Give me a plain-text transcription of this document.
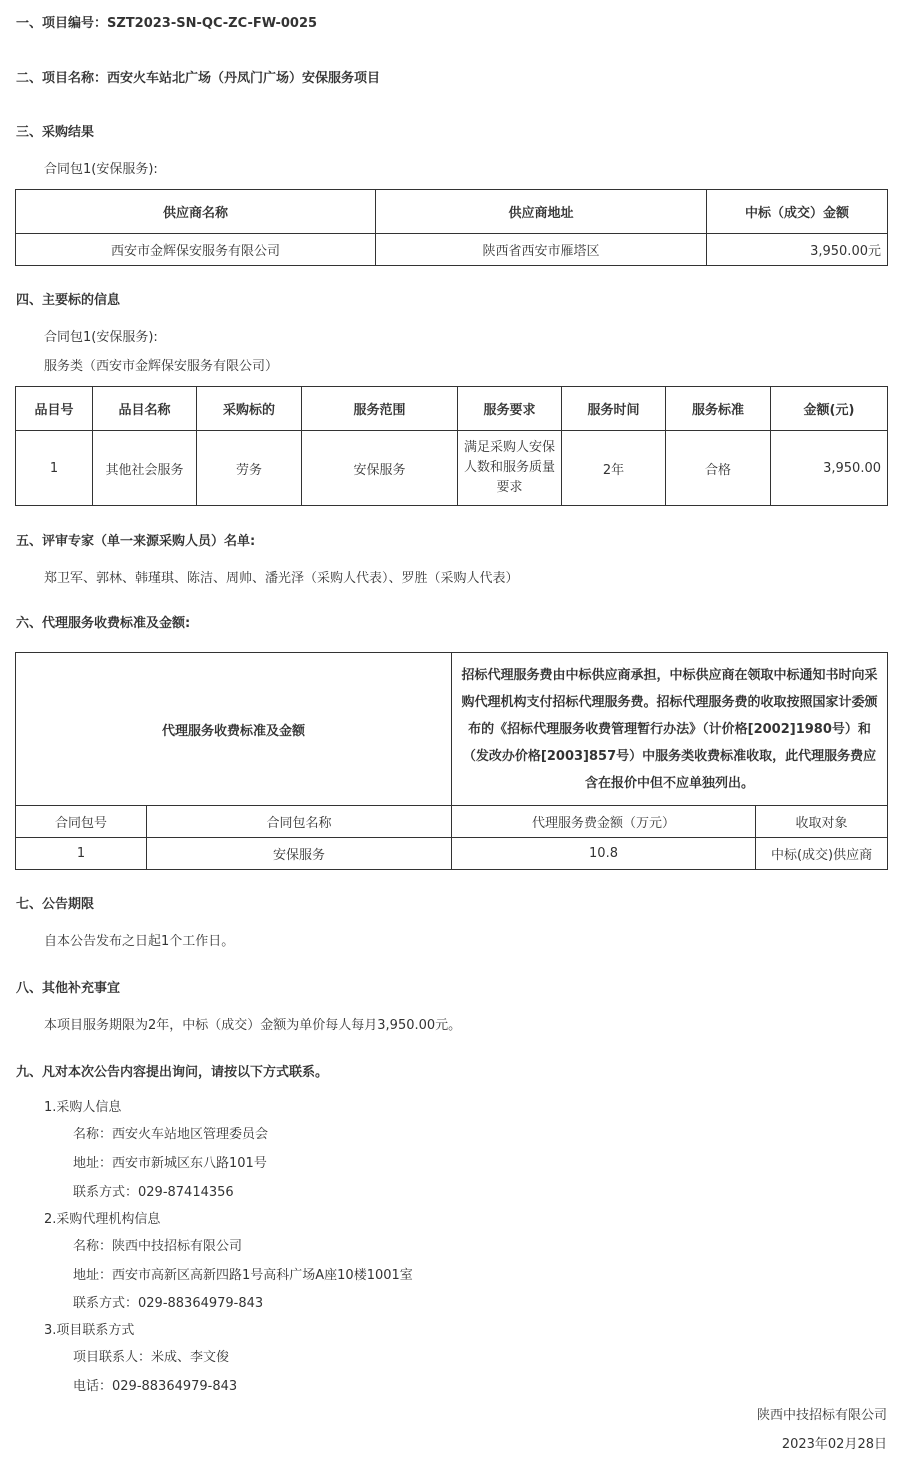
一、项目编号：SZT2023-SN-QC-ZC-FW-0025
二、项目名称：西安火车站北广场（丹凤门广场）安保服务项目
三、采购结果
合同包1(安保服务):
供应商名称	供应商地址	中标（成交）金额
西安市金辉保安服务有限公司	陕西省西安市雁塔区	3,950.00元
四、主要标的信息
合同包1(安保服务):
服务类（西安市金辉保安服务有限公司）
品目号	品目名称	采购标的	服务范围	服务要求	服务时间	服务标准	金额(元)
1	其他社会服务	劳务	安保服务	满足采购人安保人数和服务质量要求	2年	合格	3,950.00
五、评审专家（单一来源采购人员）名单:
郑卫军、郭林、韩瑾琪、陈洁、周帅、潘光泽（采购人代表）、罗胜（采购人代表）
六、代理服务收费标准及金额:
代理服务收费标准及金额		招标代理服务费由中标供应商承担，中标供应商在领取中标通知书时向采购代理机构支付招标代理服务费。招标代理服务费的收取按照国家计委颁布的《招标代理服务收费管理暂行办法》（计价格[2002]1980号）和（发改办价格[2003]857号）中服务类收费标准收取，此代理服务费应含在报价中但不应单独列出。	
合同包号	合同包名称	代理服务费金额（万元）	收取对象
1	安保服务	10.8	中标(成交)供应商
七、公告期限
自本公告发布之日起1个工作日。
八、其他补充事宜
本项目服务期限为2年，中标（成交）金额为单价每人每月3,950.00元。
九、凡对本次公告内容提出询问，请按以下方式联系。
1.采购人信息
名称：西安火车站地区管理委员会
地址：西安市新城区东八路101号
联系方式：029-87414356
2.采购代理机构信息
名称：陕西中技招标有限公司
地址：西安市高新区高新四路1号高科广场A座10楼1001室
联系方式：029-88364979-843
3.项目联系方式
项目联系人：米成、李文俊
电话：029-88364979-843
陕西中技招标有限公司
2023年02月28日
